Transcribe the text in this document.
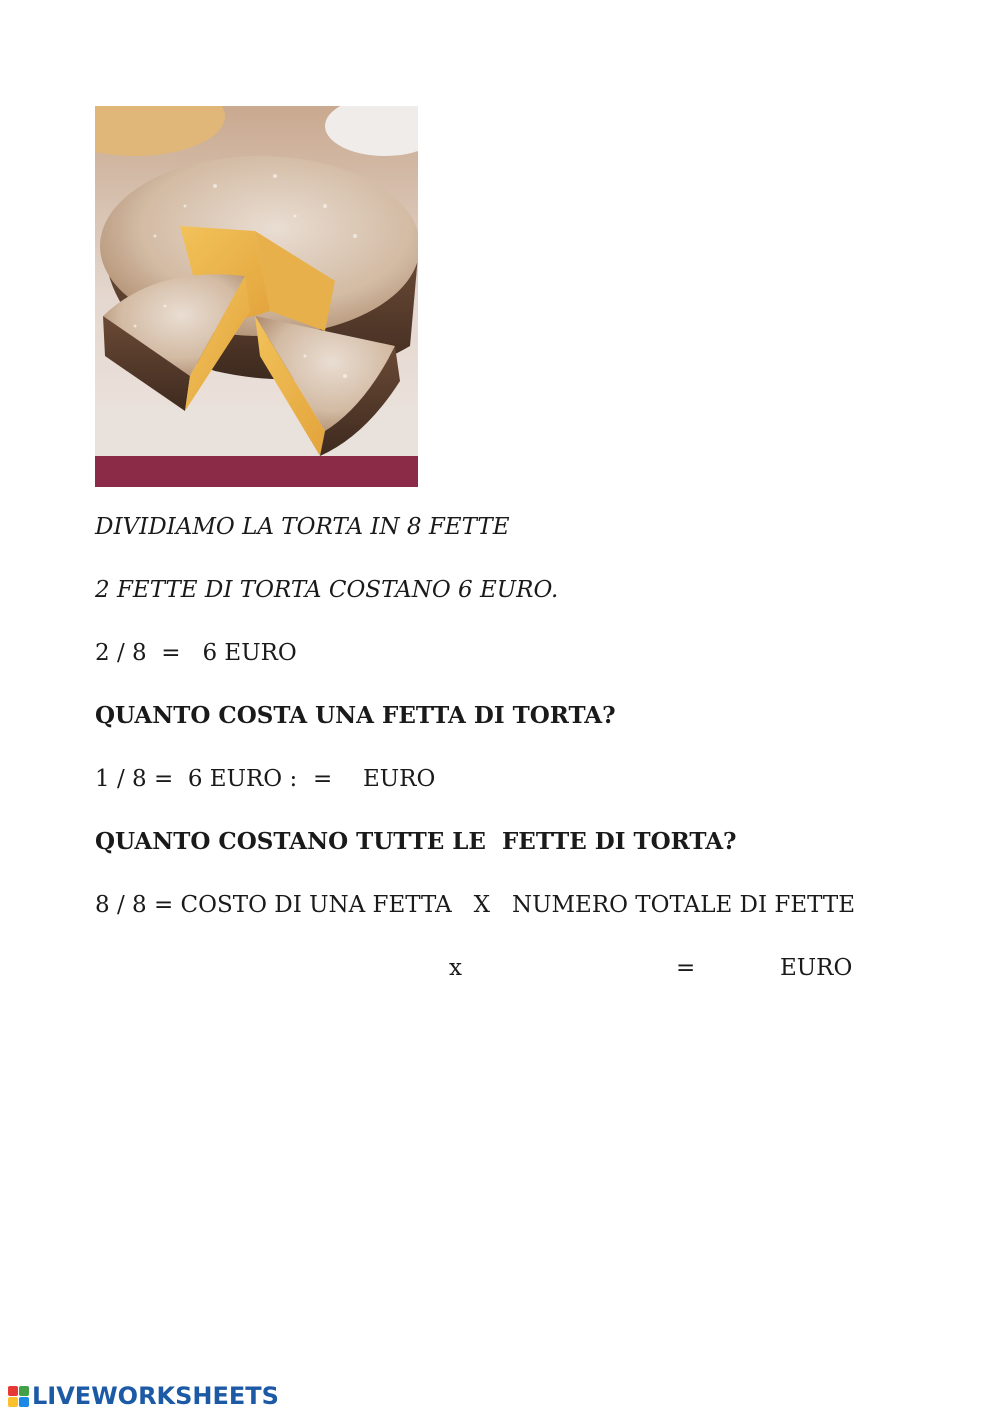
DIVIDIAMO LA TORTA IN 8 FETTE
2 FETTE DI TORTA COSTANO 6 EURO.
2 / 8  =   6 EURO
QUANTO COSTA UNA FETTA DI TORTA?
1 / 8 =  6 EURO : = EURO
QUANTO COSTANO TUTTE LE  FETTE DI TORTA?
8 / 8 = COSTO DI UNA FETTA   X   NUMERO TOTALE DI FETTE
x	=	EURO
LIVEWORKSHEETS
